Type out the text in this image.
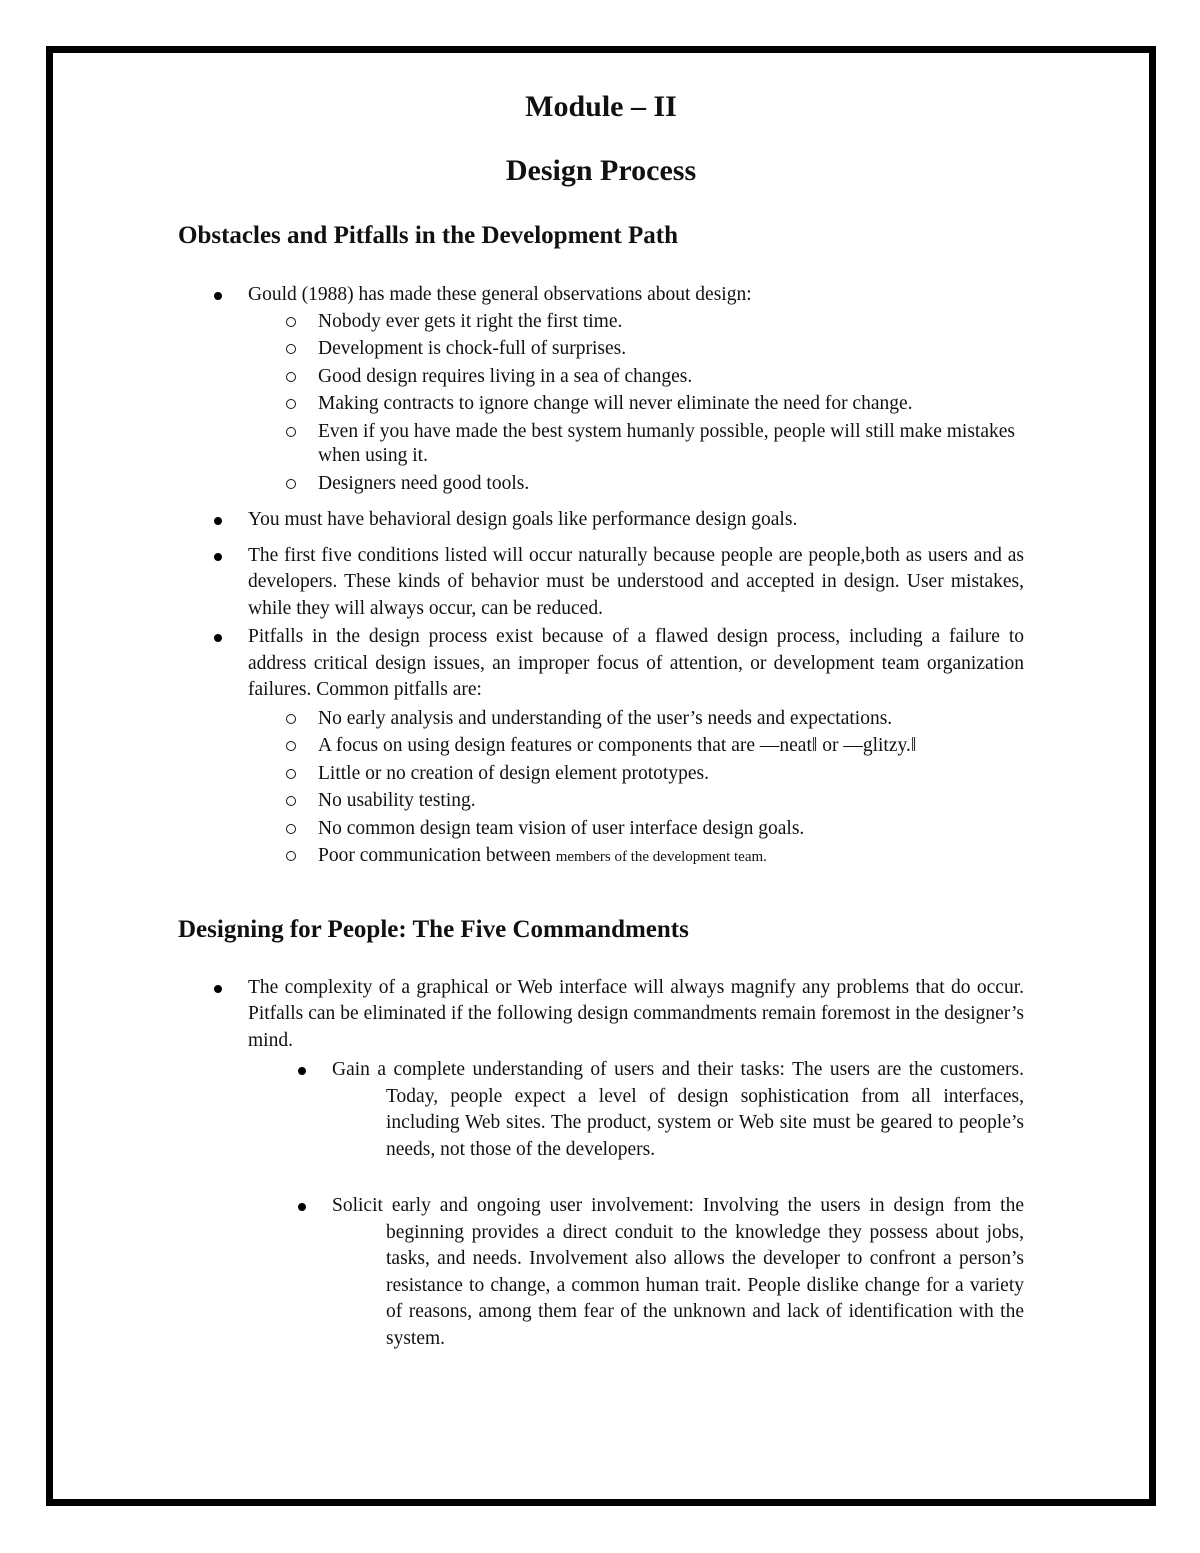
Module – II
Design Process
Obstacles and Pitfalls in the Development Path
Gould (1988) has made these general observations about design:
Nobody ever gets it right the first time.
Development is chock-full of surprises.
Good design requires living in a sea of changes.
Making contracts to ignore change will never eliminate the need for change.
Even if you have made the best system humanly possible, people will still make mistakes when using it.
Designers need good tools.
You must have behavioral design goals like performance design goals.
The first five conditions listed will occur naturally because people are people,both as users and as developers. These kinds of behavior must be understood and accepted in design. User mistakes, while they will always occur, can be reduced.
Pitfalls in the design process exist because of a flawed design process, including a failure to address critical design issues, an improper focus of attention, or development team organization failures. Common pitfalls are:
No early analysis and understanding of the user’s needs and expectations.
A focus on using design features or components that are ―neat‖ or ―glitzy.‖
Little or no creation of design element prototypes.
No usability testing.
No common design team vision of user interface design goals.
Poor communication between members of the development team.
Designing for People: The Five Commandments
The complexity of a graphical or Web interface will always magnify any problems that do occur. Pitfalls can be eliminated if the following design commandments remain foremost in the designer’s mind.
Gain a complete understanding of users and their tasks: The users are the customers. Today, people expect a level of design sophistication from all interfaces, including Web sites. The product, system or Web site must be geared to people’s needs, not those of the developers.
Solicit early and ongoing user involvement: Involving the users in design from the beginning provides a direct conduit to the knowledge they possess about jobs, tasks, and needs. Involvement also allows the developer to confront a person’s resistance to change, a common human trait. People dislike change for a variety of reasons, among them fear of the unknown and lack of identification with the system.
